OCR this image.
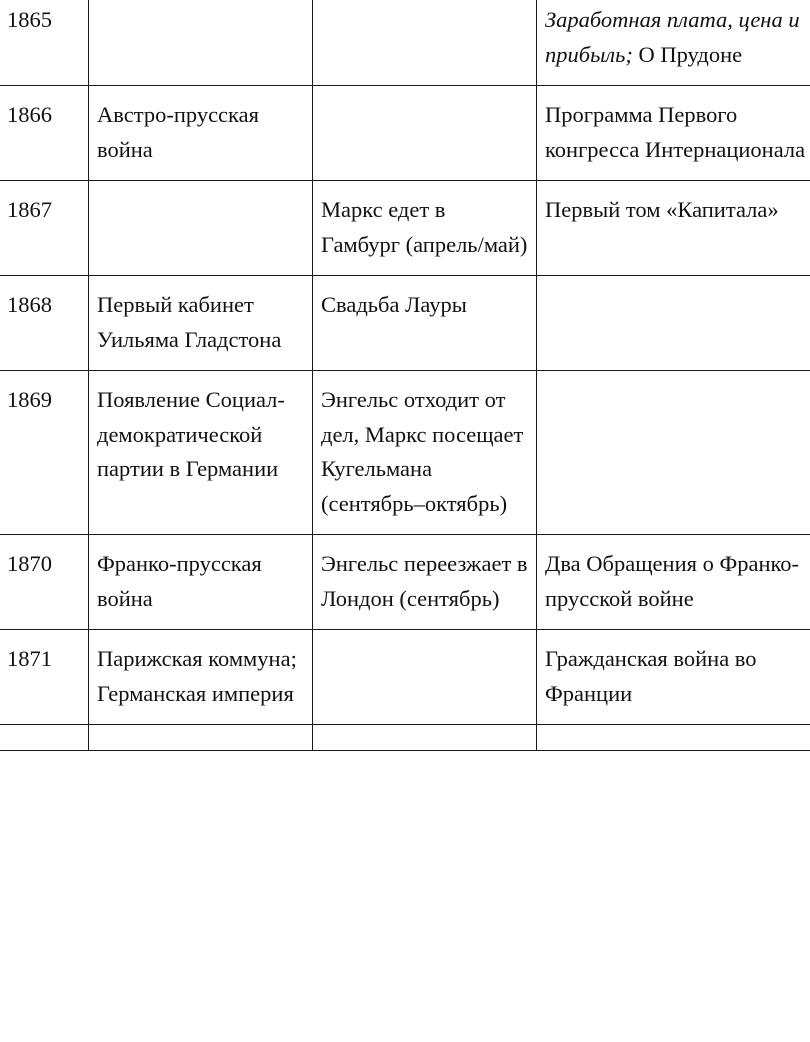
1865			Заработная плата, цена и прибыль; О Прудоне
1866	Австро-прусская война		Программа Первого конгресса Интернационала
1867		Маркс едет в Гамбург (апрель/май)	Первый том «Капитала»
1868	Первый кабинет Уильяма Гладстона	Свадьба Лауры	
1869	Появление Социал-демократической партии в Германии	Энгельс отходит от дел, Маркс посещает Кугельмана (сентябрь–октябрь)	
1870	Франко-прусская война	Энгельс переезжает в Лондон (сентябрь)	Два Обращения о Франко-прусской войне
1871	Парижская коммуна; Германская империя		Гражданская война во Франции
